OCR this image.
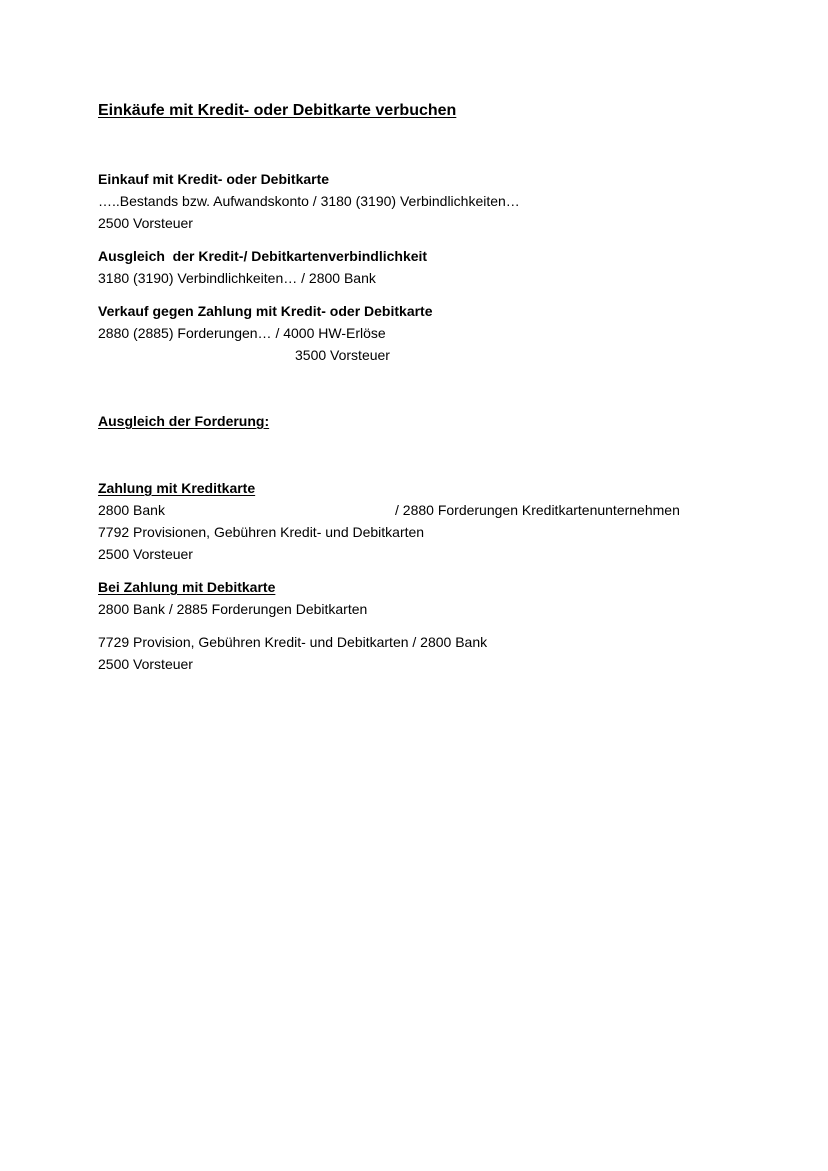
Einkäufe mit Kredit- oder Debitkarte verbuchen
Einkauf mit Kredit- oder Debitkarte
…..Bestands bzw. Aufwandskonto / 3180 (3190) Verbindlichkeiten…
2500 Vorsteuer
Ausgleich  der Kredit-/ Debitkartenverbindlichkeit
3180 (3190) Verbindlichkeiten… / 2800 Bank
Verkauf gegen Zahlung mit Kredit- oder Debitkarte
2880 (2885) Forderungen… / 4000 HW-Erlöse
3500 Vorsteuer
Ausgleich der Forderung:
Zahlung mit Kreditkarte
2800 Bank	/ 2880 Forderungen Kreditkartenunternehmen
7792 Provisionen, Gebühren Kredit- und Debitkarten
2500 Vorsteuer
Bei Zahlung mit Debitkarte
2800 Bank / 2885 Forderungen Debitkarten
7729 Provision, Gebühren Kredit- und Debitkarten / 2800 Bank
2500 Vorsteuer
